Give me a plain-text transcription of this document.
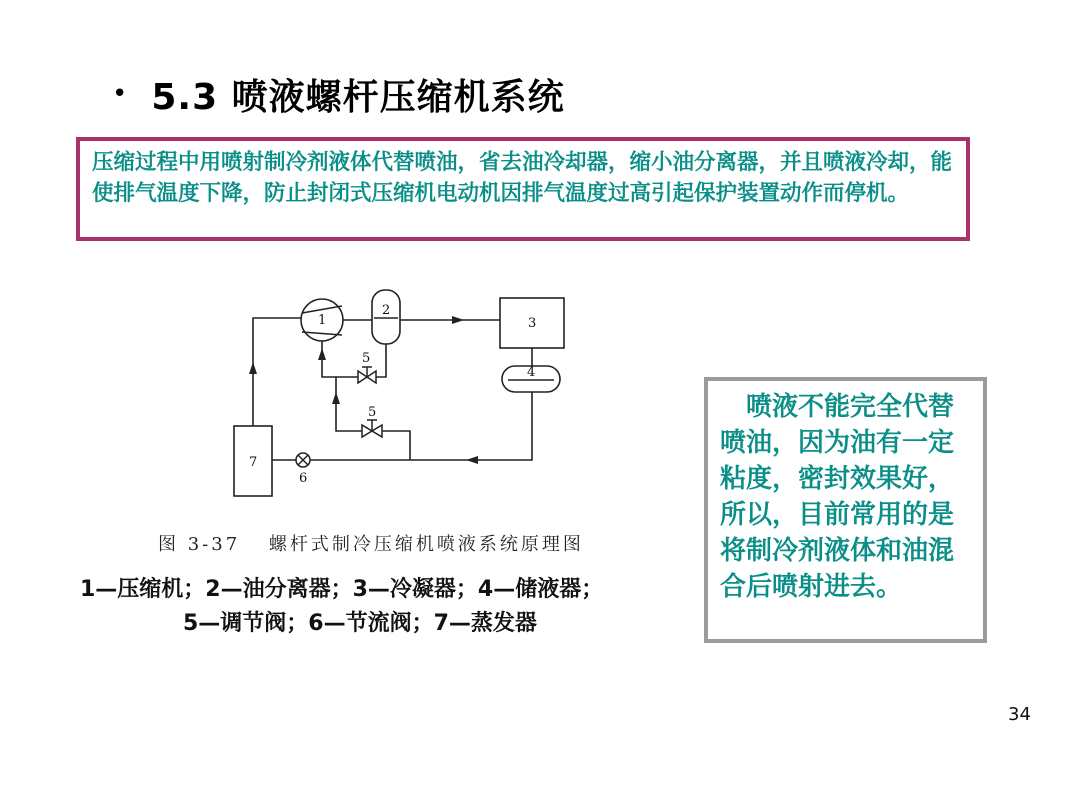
• 5.3 喷液螺杆压缩机系统
压缩过程中用喷射制冷剂液体代替喷油，省去油冷却器，缩小油分离器，并且喷液冷却，能使排气温度下降，防止封闭式压缩机电动机因排气温度过高引起保护装置动作而停机。
1
2
3
4
5
5
6
7
图 3-37 螺杆式制冷压缩机喷液系统原理图
1—压缩机；2—油分离器；3—冷凝器；4—储液器；
5—调节阀；6—节流阀；7—蒸发器
喷液不能完全代替喷油，因为油有一定粘度，密封效果好，所以，目前常用的是将制冷剂液体和油混合后喷射进去。
34
